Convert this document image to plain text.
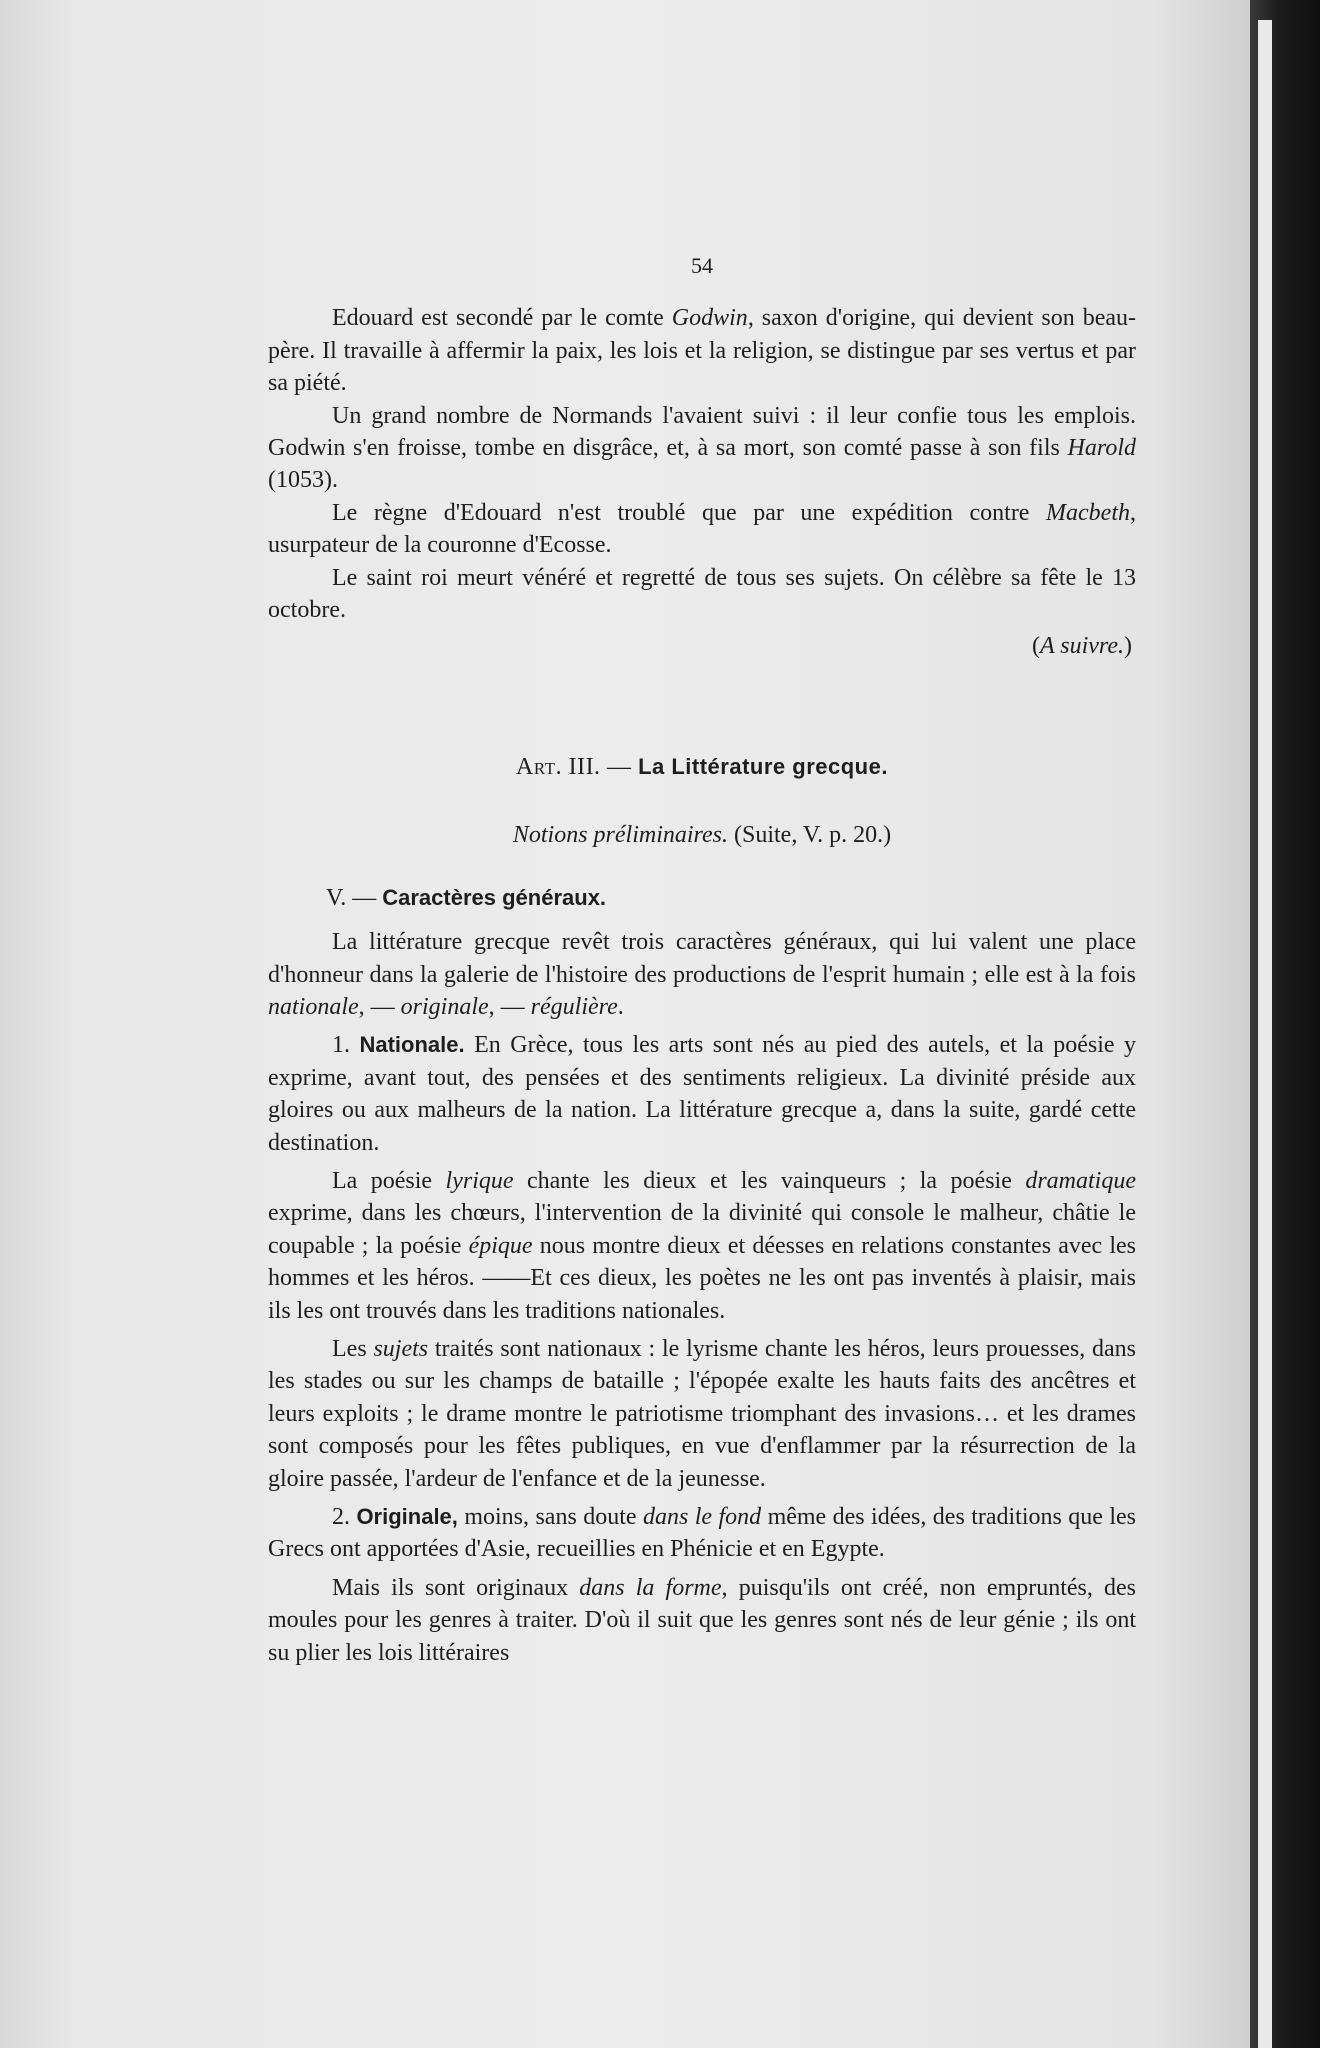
54

Edouard est secondé par le comte Godwin, saxon d'origine, qui devient son beau-père. Il travaille à affermir la paix, les lois et la religion, se distingue par ses vertus et par sa piété.

Un grand nombre de Normands l'avaient suivi : il leur confie tous les emplois. Godwin s'en froisse, tombe en disgrâce, et, à sa mort, son comté passe à son fils Harold (1053).

Le règne d'Edouard n'est troublé que par une expédition contre Macbeth, usurpateur de la couronne d'Ecosse.

Le saint roi meurt vénéré et regretté de tous ses sujets. On célèbre sa fête le 13 octobre.

(A suivre.)

Art. III. — La Littérature grecque.

Notions préliminaires. (Suite, V. p. 20.)

V. — Caractères généraux.

La littérature grecque revêt trois caractères généraux, qui lui valent une place d'honneur dans la galerie de l'histoire des productions de l'esprit humain ; elle est à la fois nationale, — originale, — régulière.

1. Nationale. En Grèce, tous les arts sont nés au pied des autels, et la poésie y exprime, avant tout, des pensées et des sentiments religieux. La divinité préside aux gloires ou aux malheurs de la nation. La littérature grecque a, dans la suite, gardé cette destination.

La poésie lyrique chante les dieux et les vainqueurs ; la poésie dramatique exprime, dans les chœurs, l'intervention de la divinité qui console le malheur, châtie le coupable ; la poésie épique nous montre dieux et déesses en relations constantes avec les hommes et les héros. ——Et ces dieux, les poètes ne les ont pas inventés à plaisir, mais ils les ont trouvés dans les traditions nationales.

Les sujets traités sont nationaux : le lyrisme chante les héros, leurs prouesses, dans les stades ou sur les champs de bataille ; l'épopée exalte les hauts faits des ancêtres et leurs exploits ; le drame montre le patriotisme triomphant des invasions… et les drames sont composés pour les fêtes publiques, en vue d'enflammer par la résurrection de la gloire passée, l'ardeur de l'enfance et de la jeunesse.

2. Originale, moins, sans doute dans le fond même des idées, des traditions que les Grecs ont apportées d'Asie, recueillies en Phénicie et en Egypte.

Mais ils sont originaux dans la forme, puisqu'ils ont créé, non empruntés, des moules pour les genres à traiter. D'où il suit que les genres sont nés de leur génie ; ils ont su plier les lois littéraires
